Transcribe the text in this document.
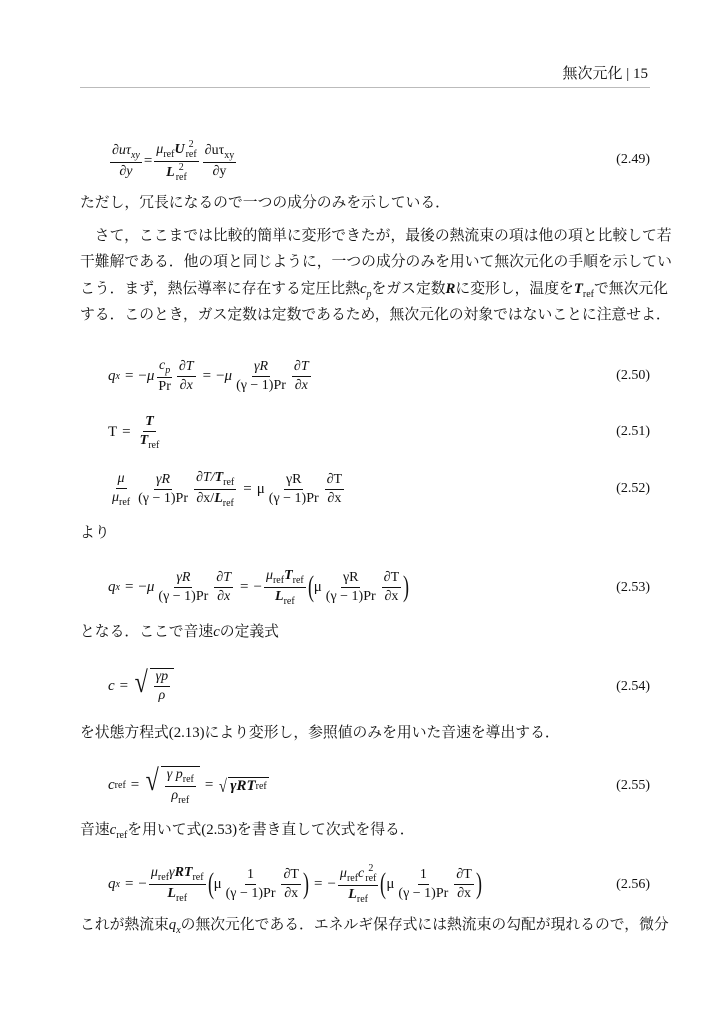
無次元化 | 15
$\frac{\partial u\tau_{xy}}{\partial y} = \mu_{ref}U$ 2
ref
L 2
ref $\frac{\partial u\tau_{xy}}{\partial y}$	(2.49)
ただし，冗長になるので一つの成分のみを示している．
　さて，ここまでは比較的簡単に変形できたが，最後の熱流束の項は他の項と比較して若
干難解である．他の項と同じように，一つの成分のみを用いて無次元化の手順を示してい
こう．まず，熱伝導率に存在する定圧比熱$c_p$をガス定数Rに変形し，温度を$T_{ref}$で無次元化
する．このとき，ガス定数は定数であるため，無次元化の対象ではないことに注意せよ．
q x = − μ $\frac{c_p}{Pr} \frac{\partial T}{\partial x}$ = − μ $\frac{\gamma R}{(\gamma - 1)Pr} \frac{\partial T}{\partial x}$	(2.50)
$T = \frac{T}{T_{ref}}$	(2.51)
$\frac{\mu}{\mu_{ref}} \frac{\gamma R}{(\gamma - 1)Pr} \frac{\partial T/T_{ref}}{\partial x/L_{ref}} = \mu \frac{\gamma R}{(\gamma - 1)Pr} \frac{\partial T}{\partial x}$	(2.52)
より
q x = − μ $\frac{\gamma R}{(\gamma - 1)Pr} \frac{\partial T}{\partial x}$ = − $\frac{\mu_{ref}T_{ref}}{L_{ref}}$ ( μ $\frac{\gamma R}{(\gamma - 1)Pr} \frac{\partial T}{\partial x}$ )	(2.53)
となる．ここで音速cの定義式
c = √ $\frac{\gamma p}{\rho}$	(2.54)
を状態方程式(2.13)により変形し，参照値のみを用いた音速を導出する．
c ref = √ $\frac{\gamma p_{ref}}{\rho_{ref}}$ = √ γRT ref	(2.55)
音速$c_{ref}$を用いて式(2.53)を書き直して次式を得る．
q x = − $\frac{\mu_{ref}\gamma RT_{ref}}{L_{ref}}$ ( μ $\frac{1}{(\gamma - 1)Pr} \frac{\partial T}{\partial x}$ ) = − $\mu_{ref}c$ 2
ref
$L_{ref}$ ( μ $\frac{1}{(\gamma - 1)Pr} \frac{\partial T}{\partial x}$ )	(2.56)
これが熱流束$q_x$の無次元化である．エネルギ保存式には熱流束の勾配が現れるので，微分
